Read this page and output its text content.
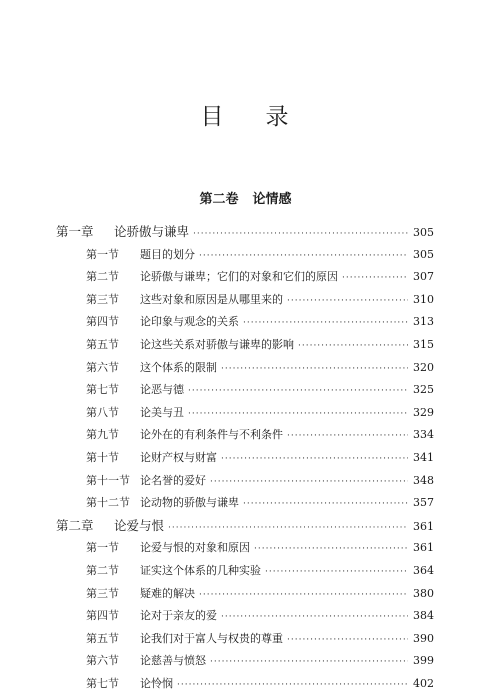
目 录
第二卷 论情感
第一章	论骄傲与谦卑 ·····	305
第一节	题目的划分 ·····	305
第二节	论骄傲与谦卑；它们的对象和它们的原因 ·····	307
第三节	这些对象和原因是从哪里来的 ·····	310
第四节	论印象与观念的关系 ·····	313
第五节	论这些关系对骄傲与谦卑的影响 ·····	315
第六节	这个体系的限制 ·····	320
第七节	论恶与德 ·····	325
第八节	论美与丑 ·····	329
第九节	论外在的有利条件与不利条件 ·····	334
第十节	论财产权与财富 ·····	341
第十一节 论名誉的爱好 ·····	348
第十二节 论动物的骄傲与谦卑 ·····	357
第二章	论爱与恨 ·····	361
第一节	论爱与恨的对象和原因 ·····	361
第二节	证实这个体系的几种实验 ·····	364
第三节	疑难的解决 ·····	380
第四节	论对于亲友的爱 ·····	384
第五节	论我们对于富人与权贵的尊重 ·····	390
第六节	论慈善与愤怒 ·····	399
第七节	论怜悯 ·····	402
